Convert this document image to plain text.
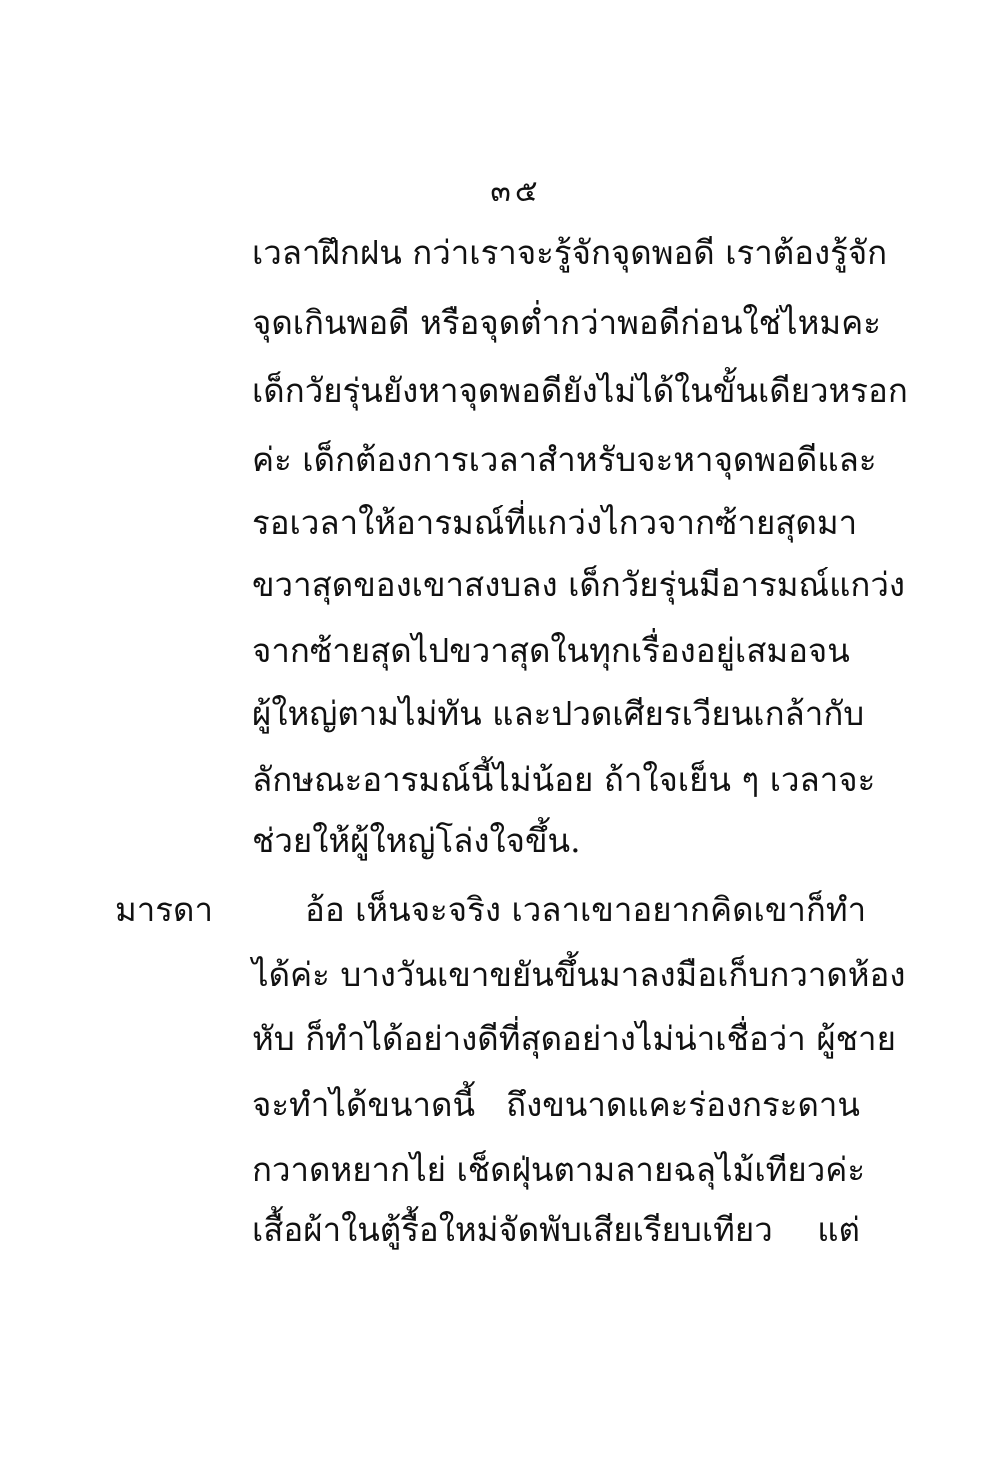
๓๕
เวลาฝึกฝน กว่าเราจะรู้จักจุดพอดี เราต้องรู้จัก
จุดเกินพอดี หรือจุดต่ำกว่าพอดีก่อนใช่ไหมคะ
เด็กวัยรุ่นยังหาจุดพอดียังไม่ได้ในขั้นเดียวหรอก
ค่ะ เด็กต้องการเวลาสำหรับจะหาจุดพอดีและ
รอเวลาให้อารมณ์ที่แกว่งไกวจากซ้ายสุดมา
ขวาสุดของเขาสงบลง เด็กวัยรุ่นมีอารมณ์แกว่ง
จากซ้ายสุดไปขวาสุดในทุกเรื่องอยู่เสมอจน
ผู้ใหญ่ตามไม่ทัน และปวดเศียรเวียนเกล้ากับ
ลักษณะอารมณ์นี้ไม่น้อย ถ้าใจเย็น ๆ เวลาจะ
ช่วยให้ผู้ใหญ่โล่งใจขึ้น.
มารดา	อ้อ เห็นจะจริง เวลาเขาอยากคิดเขาก็ทำ
ได้ค่ะ บางวันเขาขยันขึ้นมาลงมือเก็บกวาดห้อง
หับ ก็ทำได้อย่างดีที่สุดอย่างไม่น่าเชื่อว่า ผู้ชาย
จะทำได้ขนาดนี้ ถึงขนาดแคะร่องกระดาน
กวาดหยากไย่ เช็ดฝุ่นตามลายฉลุไม้เทียวค่ะ
เสื้อผ้าในตู้รื้อใหม่จัดพับเสียเรียบเทียว แต่
